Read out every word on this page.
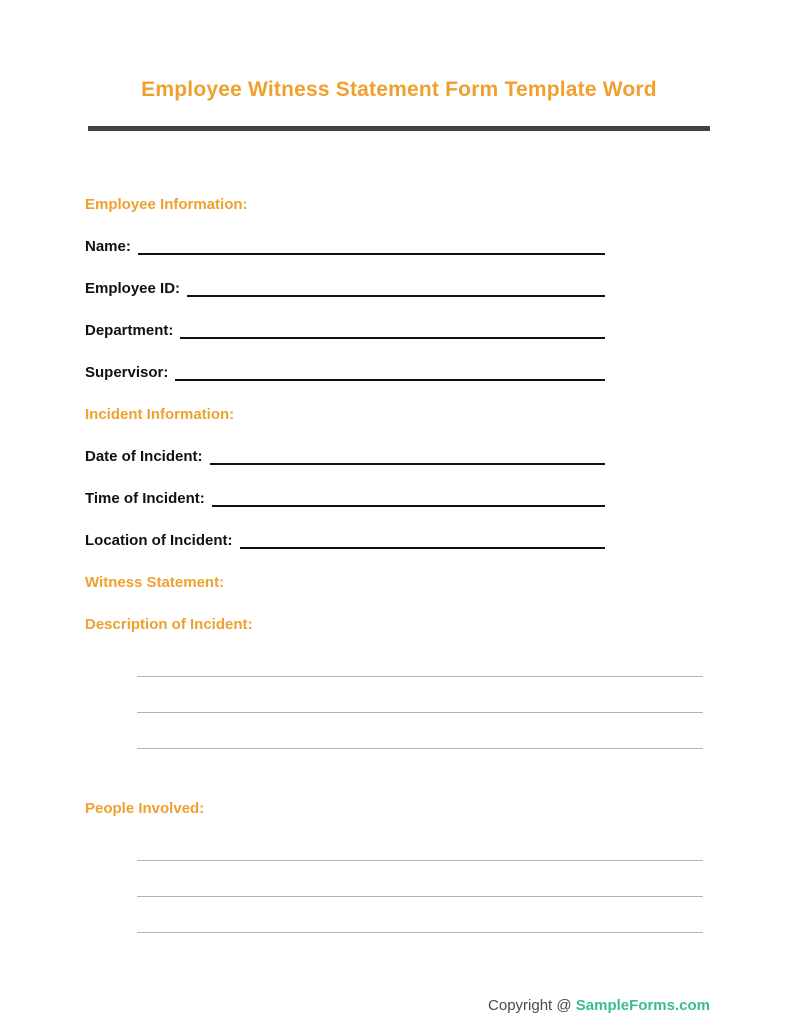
Employee Witness Statement Form Template Word
Employee Information:
Name:
Employee ID:
Department:
Supervisor:
Incident Information:
Date of Incident:
Time of Incident:
Location of Incident:
Witness Statement:
Description of Incident:
People Involved:
Copyright @ SampleForms.com
